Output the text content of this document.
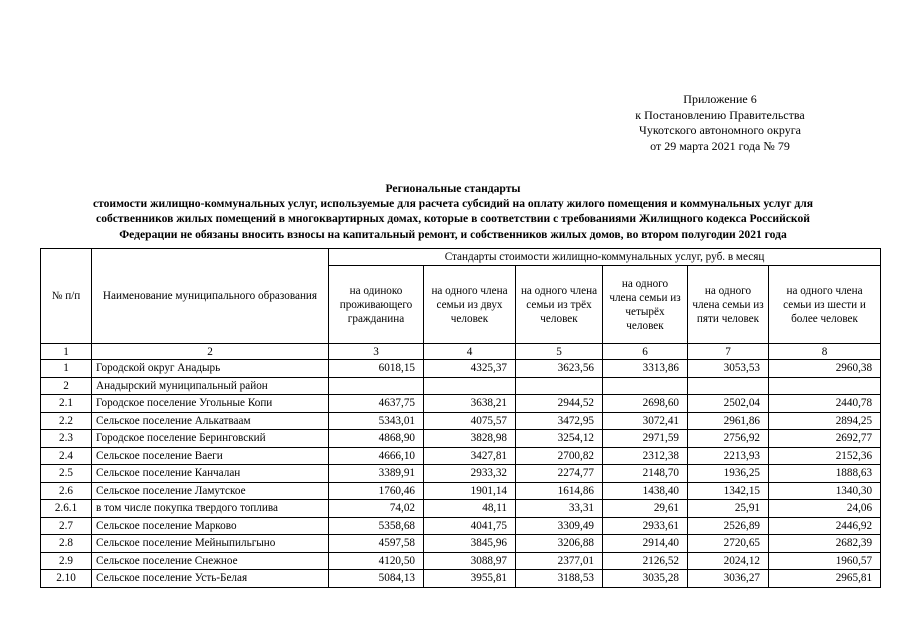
Приложение 6
к Постановлению Правительства
Чукотского автономного округа
от 29 марта 2021 года № 79
Региональные стандарты
стоимости жилищно-коммунальных услуг, используемые для расчета субсидий на оплату жилого помещения и коммунальных услуг для
собственников жилых помещений в многоквартирных домах, которые в соответствии с требованиями Жилищного кодекса Российской
Федерации не обязаны вносить взносы на капитальный ремонт, и собственников жилых домов, во втором полугодии 2021 года
№ п/п	Наименование муниципального образования	Стандарты стоимости жилищно-коммунальных услуг, руб. в месяц					
		на одиноко проживающего гражданина	на одного члена семьи из двух человек	на одного члена семьи из трёх человек	на одного члена семьи из четырёх человек	на одного члена семьи из пяти человек	на одного члена семьи из шести и более человек
1	2	3	4	5	6	7	8
1	Городской округ Анадырь	6018,15	4325,37	3623,56	3313,86	3053,53	2960,38
2	Анадырский муниципальный район						
2.1	Городское поселение Угольные Копи	4637,75	3638,21	2944,52	2698,60	2502,04	2440,78
2.2	Сельское поселение Алькатваам	5343,01	4075,57	3472,95	3072,41	2961,86	2894,25
2.3	Городское поселение Беринговский	4868,90	3828,98	3254,12	2971,59	2756,92	2692,77
2.4	Сельское поселение Ваеги	4666,10	3427,81	2700,82	2312,38	2213,93	2152,36
2.5	Сельское поселение Канчалан	3389,91	2933,32	2274,77	2148,70	1936,25	1888,63
2.6	Сельское поселение Ламутское	1760,46	1901,14	1614,86	1438,40	1342,15	1340,30
2.6.1	в том числе покупка твердого топлива	74,02	48,11	33,31	29,61	25,91	24,06
2.7	Сельское поселение Марково	5358,68	4041,75	3309,49	2933,61	2526,89	2446,92
2.8	Сельское поселение Мейныпильгыно	4597,58	3845,96	3206,88	2914,40	2720,65	2682,39
2.9	Сельское поселение Снежное	4120,50	3088,97	2377,01	2126,52	2024,12	1960,57
2.10	Сельское поселение Усть-Белая	5084,13	3955,81	3188,53	3035,28	3036,27	2965,81
